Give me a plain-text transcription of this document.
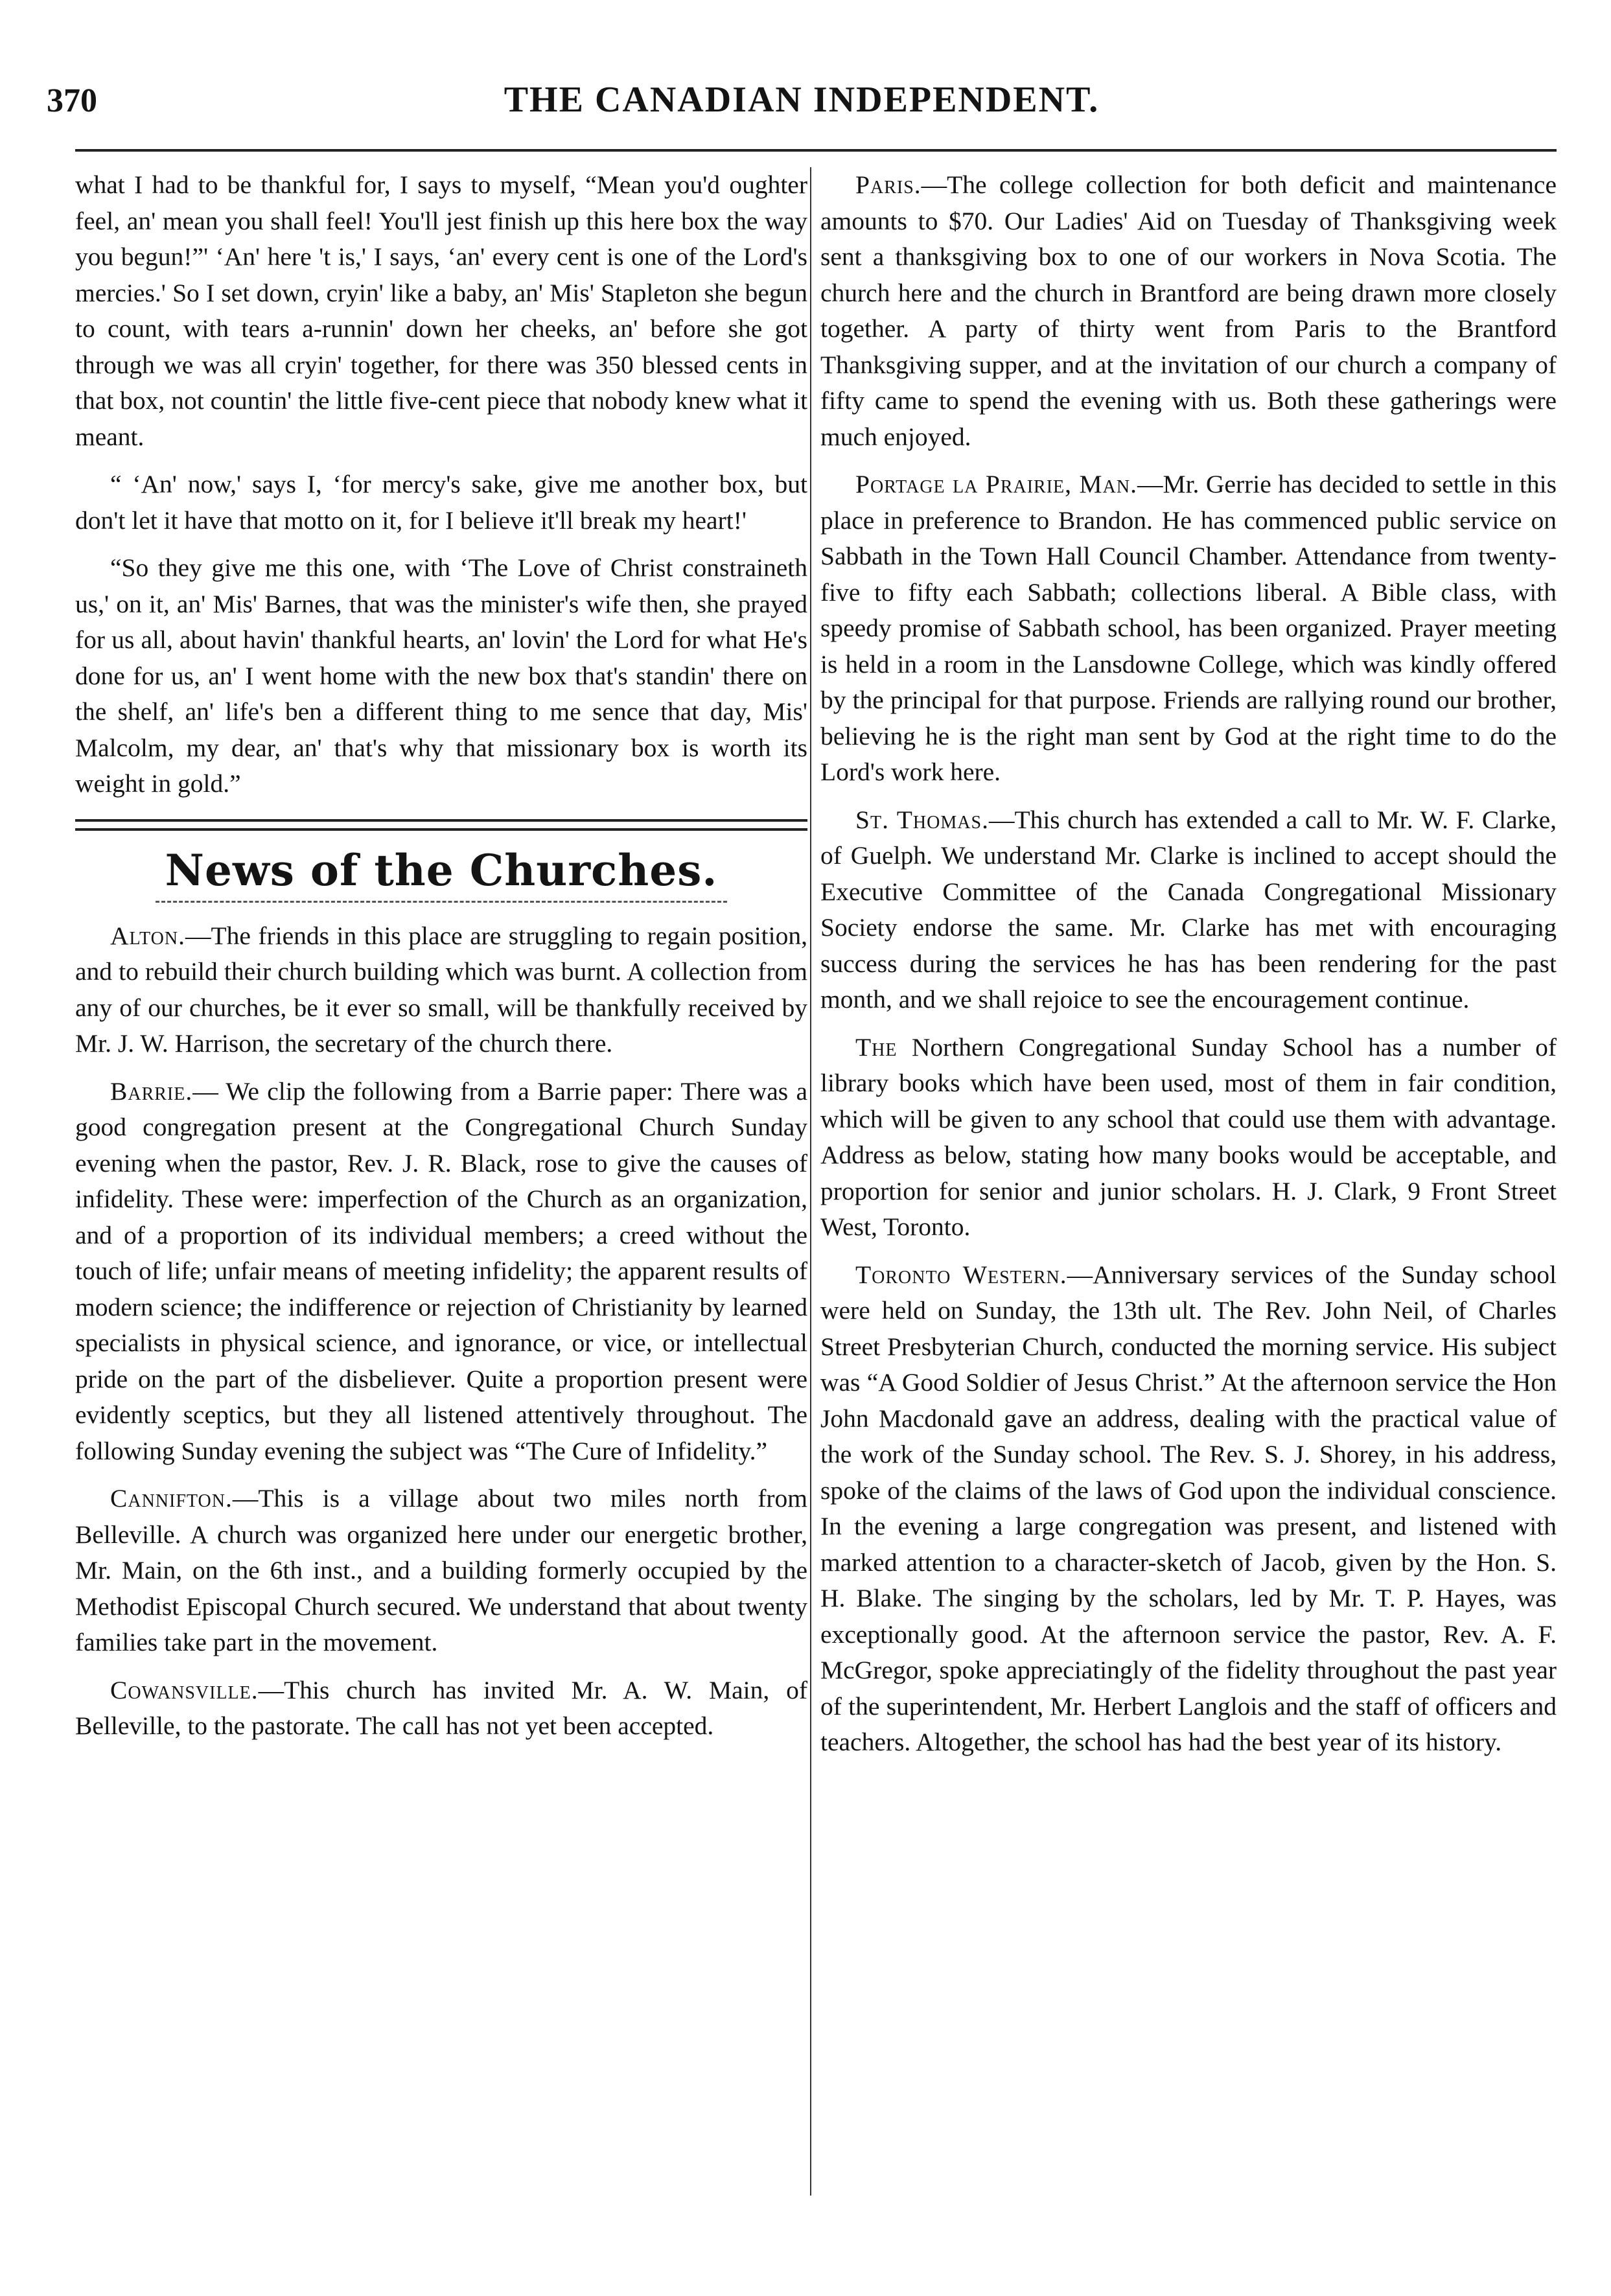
370	THE CANADIAN INDEPENDENT.

what I had to be thankful for, I says to myself, “Mean you'd oughter feel, an' mean you shall feel! You'll jest finish up this here box the way you begun!”' ‘An' here 't is,' I says, ‘an' every cent is one of the Lord's mercies.' So I set down, cryin' like a baby, an' Mis' Stapleton she begun to count, with tears a-runnin' down her cheeks, an' before she got through we was all cryin' together, for there was 350 blessed cents in that box, not countin' the little five-cent piece that nobody knew what it meant.

“ ‘An' now,' says I, ‘for mercy's sake, give me another box, but don't let it have that motto on it, for I believe it'll break my heart!'

“So they give me this one, with ‘The Love of Christ constraineth us,' on it, an' Mis' Barnes, that was the minister's wife then, she prayed for us all, about havin' thankful hearts, an' lovin' the Lord for what He's done for us, an' I went home with the new box that's standin' there on the shelf, an' life's ben a different thing to me sence that day, Mis' Malcolm, my dear, an' that's why that missionary box is worth its weight in gold.”

News of the Churches.

Alton.—The friends in this place are struggling to regain position, and to rebuild their church building which was burnt. A collection from any of our churches, be it ever so small, will be thankfully received by Mr. J. W. Harrison, the secretary of the church there.

Barrie.— We clip the following from a Barrie paper: There was a good congregation present at the Congregational Church Sunday evening when the pastor, Rev. J. R. Black, rose to give the causes of infidelity. These were: imperfection of the Church as an organization, and of a proportion of its individual members; a creed without the touch of life; unfair means of meeting infidelity; the apparent results of modern science; the indifference or rejection of Christianity by learned specialists in physical science, and ignorance, or vice, or intellectual pride on the part of the disbeliever. Quite a proportion present were evidently sceptics, but they all listened attentively throughout. The following Sunday evening the subject was “The Cure of Infidelity.”

Cannifton.—This is a village about two miles north from Belleville. A church was organized here under our energetic brother, Mr. Main, on the 6th inst., and a building formerly occupied by the Methodist Episcopal Church secured. We understand that about twenty families take part in the movement.

Cowansville.—This church has invited Mr. A. W. Main, of Belleville, to the pastorate. The call has not yet been accepted.

Paris.—The college collection for both deficit and maintenance amounts to $70. Our Ladies' Aid on Tuesday of Thanksgiving week sent a thanksgiving box to one of our workers in Nova Scotia. The church here and the church in Brantford are being drawn more closely together. A party of thirty went from Paris to the Brantford Thanksgiving supper, and at the invitation of our church a company of fifty came to spend the evening with us. Both these gatherings were much enjoyed.

Portage la Prairie, Man.—Mr. Gerrie has decided to settle in this place in preference to Brandon. He has commenced public service on Sabbath in the Town Hall Council Chamber. Attendance from twenty-five to fifty each Sabbath; collections liberal. A Bible class, with speedy promise of Sabbath school, has been organized. Prayer meeting is held in a room in the Lansdowne College, which was kindly offered by the principal for that purpose. Friends are rallying round our brother, believing he is the right man sent by God at the right time to do the Lord's work here.

St. Thomas.—This church has extended a call to Mr. W. F. Clarke, of Guelph. We understand Mr. Clarke is inclined to accept should the Executive Committee of the Canada Congregational Missionary Society endorse the same. Mr. Clarke has met with encouraging success during the services he has has been rendering for the past month, and we shall rejoice to see the encouragement continue.

The Northern Congregational Sunday School has a number of library books which have been used, most of them in fair condition, which will be given to any school that could use them with advantage. Address as below, stating how many books would be acceptable, and proportion for senior and junior scholars. H. J. Clark, 9 Front Street West, Toronto.

Toronto Western.—Anniversary services of the Sunday school were held on Sunday, the 13th ult. The Rev. John Neil, of Charles Street Presbyterian Church, conducted the morning service. His subject was “A Good Soldier of Jesus Christ.” At the afternoon service the Hon John Macdonald gave an address, dealing with the practical value of the work of the Sunday school. The Rev. S. J. Shorey, in his address, spoke of the claims of the laws of God upon the individual conscience. In the evening a large congregation was present, and listened with marked attention to a character-sketch of Jacob, given by the Hon. S. H. Blake. The singing by the scholars, led by Mr. T. P. Hayes, was exceptionally good. At the afternoon service the pastor, Rev. A. F. McGregor, spoke appreciatingly of the fidelity throughout the past year of the superintendent, Mr. Herbert Langlois and the staff of officers and teachers. Altogether, the school has had the best year of its history.
